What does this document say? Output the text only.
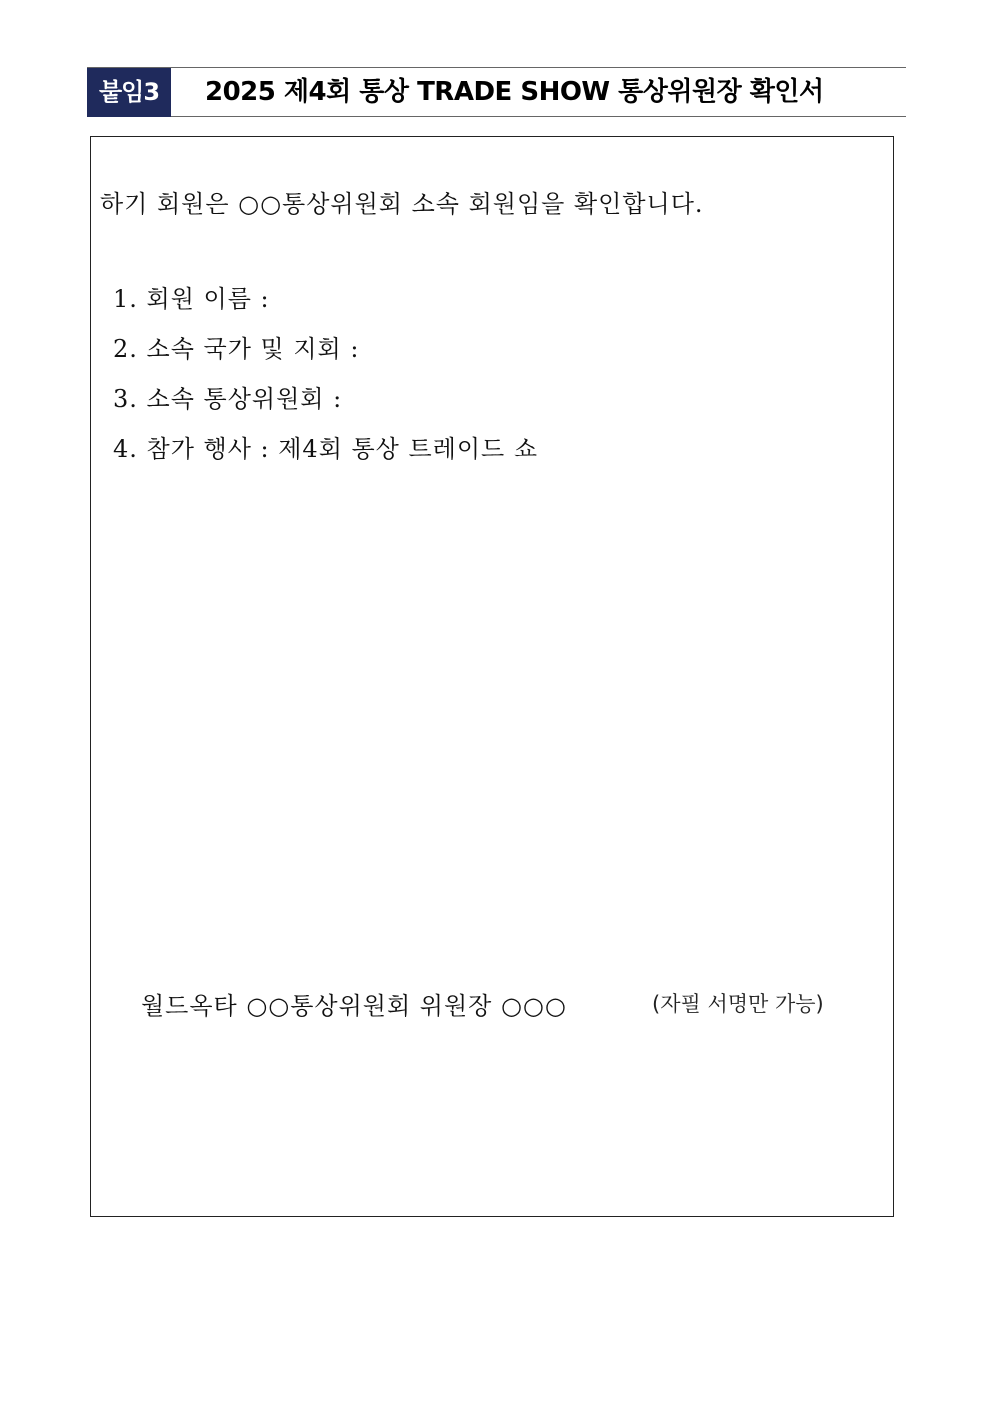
붙임3	2025 제4회 통상 TRADE SHOW 통상위원장 확인서
하기 회원은 ○○통상위원회 소속 회원임을 확인합니다.
1. 회원 이름 :
2. 소속 국가 및 지회 :
3. 소속 통상위원회 :
4. 참가 행사 : 제4회 통상 트레이드 쇼
월드옥타 ○○통상위원회 위원장 ○○○	(자필 서명만 가능)
